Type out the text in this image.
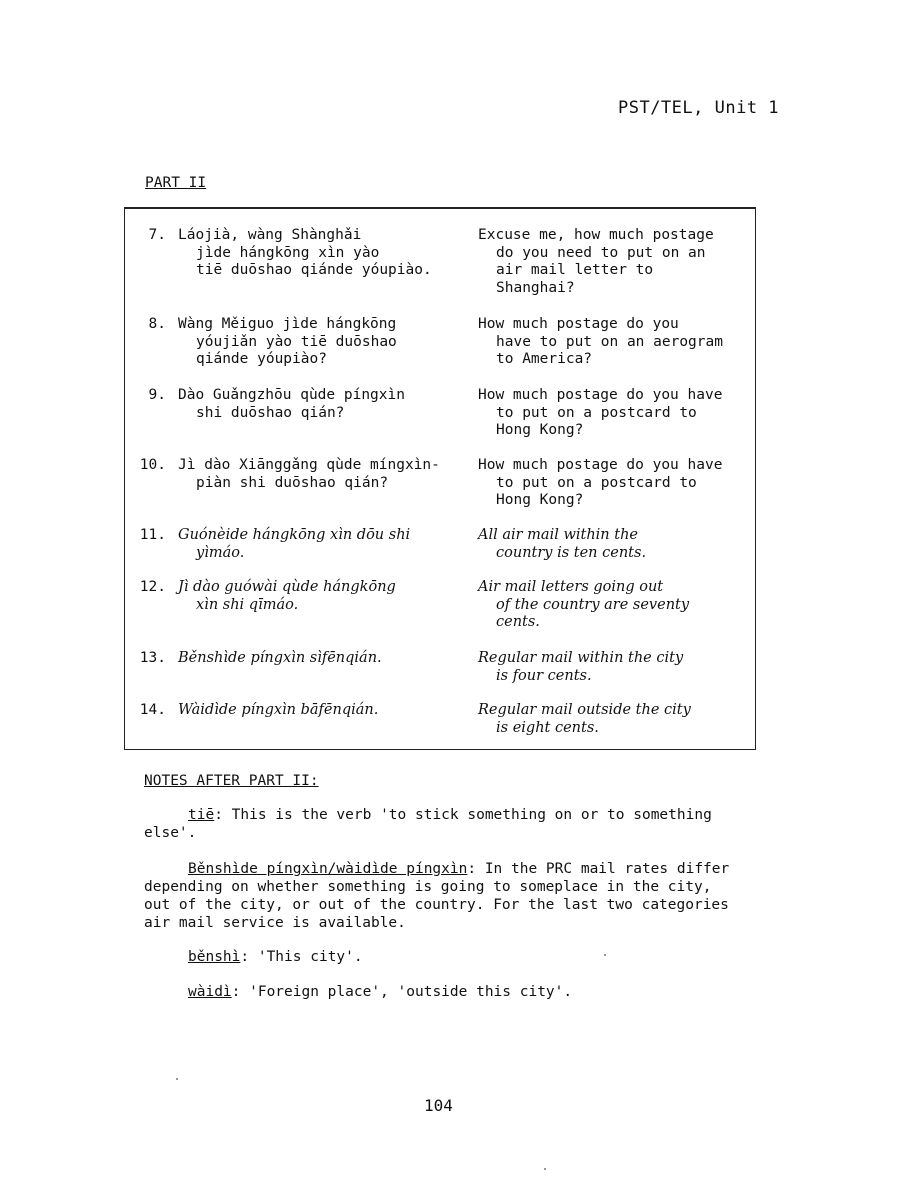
PST/TEL, Unit 1
PART II
7. Láojià, wàng Shànghǎi
jìde hángkōng xìn yào
tiē duōshao qiánde yóupiào.
Excuse me, how much postage
do you need to put on an
air mail letter to
Shanghai?
8. Wàng Měiguo jìde hángkōng
yóujiǎn yào tiē duōshao
qiánde yóupiào?
How much postage do you
have to put on an aerogram
to America?
9. Dào Guǎngzhōu qùde píngxìn
shi duōshao qián?
How much postage do you have
to put on a postcard to
Hong Kong?
10. Jì dào Xiānggǎng qùde míngxìn-
piàn shi duōshao qián?
How much postage do you have
to put on a postcard to
Hong Kong?
11. Guónèide hángkōng xìn dōu shi
yìmáo.
All air mail within the
country is ten cents.
12. Jì dào guówài qùde hángkōng
xìn shi qīmáo.
Air mail letters going out
of the country are seventy
cents.
13. Běnshìde píngxìn sìfēnqián.	Regular mail within the city
is four cents.
14. Wàidìde píngxìn bāfēnqián.	Regular mail outside the city
is eight cents.
NOTES AFTER PART II:
tiē: This is the verb 'to stick something on or to something
else'.
Běnshìde píngxìn/wàidìde píngxìn: In the PRC mail rates differ
depending on whether something is going to someplace in the city,
out of the city, or out of the country. For the last two categories
air mail service is available.
běnshì: 'This city'.
wàidì: 'Foreign place', 'outside this city'.
104
